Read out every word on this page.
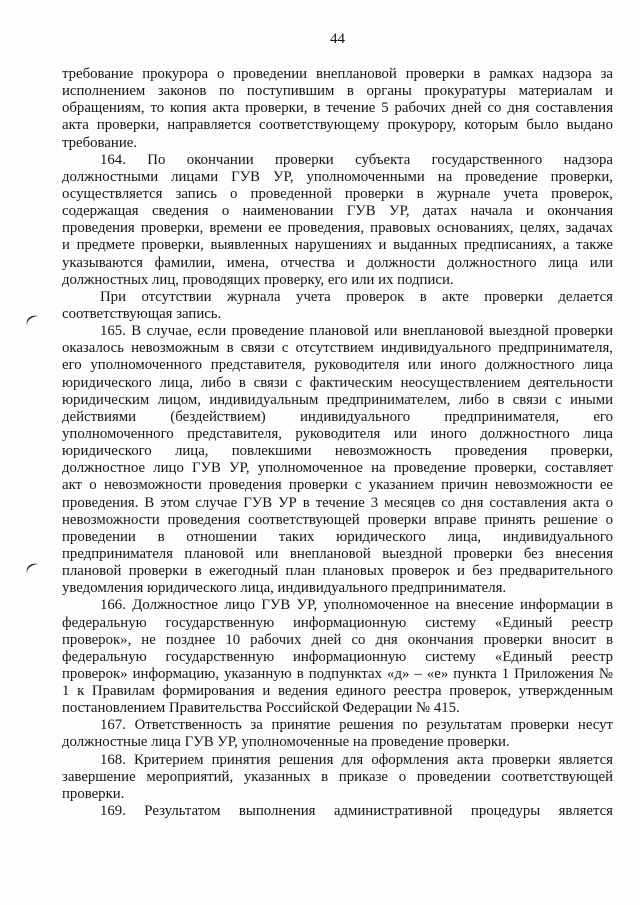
44
требование прокурора о проведении внеплановой проверки в рамках надзора за
исполнением законов по поступившим в органы прокуратуры материалам и
обращениям, то копия акта проверки, в течение 5 рабочих дней со дня составления
акта проверки, направляется соответствующему прокурору, которым было выдано
требование.
164. По окончании проверки субъекта государственного надзора
должностными лицами ГУВ УР, уполномоченными на проведение проверки,
осуществляется запись о проведенной проверки в журнале учета проверок,
содержащая сведения о наименовании ГУВ УР, датах начала и окончания
проведения проверки, времени ее проведения, правовых основаниях, целях, задачах
и предмете проверки, выявленных нарушениях и выданных предписаниях, а также
указываются фамилии, имена, отчества и должности должностного лица или
должностных лиц, проводящих проверку, его или их подписи.
При отсутствии журнала учета проверок в акте проверки делается
соответствующая запись.
165. В случае, если проведение плановой или внеплановой выездной проверки
оказалось невозможным в связи с отсутствием индивидуального предпринимателя,
его уполномоченного представителя, руководителя или иного должностного лица
юридического лица, либо в связи с фактическим неосуществлением деятельности
юридическим лицом, индивидуальным предпринимателем, либо в связи с иными
действиями (бездействием) индивидуального предпринимателя, его
уполномоченного представителя, руководителя или иного должностного лица
юридического лица, повлекшими невозможность проведения проверки,
должностное лицо ГУВ УР, уполномоченное на проведение проверки, составляет
акт о невозможности проведения проверки с указанием причин невозможности ее
проведения. В этом случае ГУВ УР в течение 3 месяцев со дня составления акта о
невозможности проведения соответствующей проверки вправе принять решение о
проведении в отношении таких юридического лица, индивидуального
предпринимателя плановой или внеплановой выездной проверки без внесения
плановой проверки в ежегодный план плановых проверок и без предварительного
уведомления юридического лица, индивидуального предпринимателя.
166. Должностное лицо ГУВ УР, уполномоченное на внесение информации в
федеральную государственную информационную систему «Единый реестр
проверок», не позднее 10 рабочих дней со дня окончания проверки вносит в
федеральную государственную информационную систему «Единый реестр
проверок» информацию, указанную в подпунктах «д» – «е» пункта 1 Приложения №
1 к Правилам формирования и ведения единого реестра проверок, утвержденным
постановлением Правительства Российской Федерации № 415.
167. Ответственность за принятие решения по результатам проверки несут
должностные лица ГУВ УР, уполномоченные на проведение проверки.
168. Критерием принятия решения для оформления акта проверки является
завершение мероприятий, указанных в приказе о проведении соответствующей
проверки.
169. Результатом выполнения административной процедуры является
